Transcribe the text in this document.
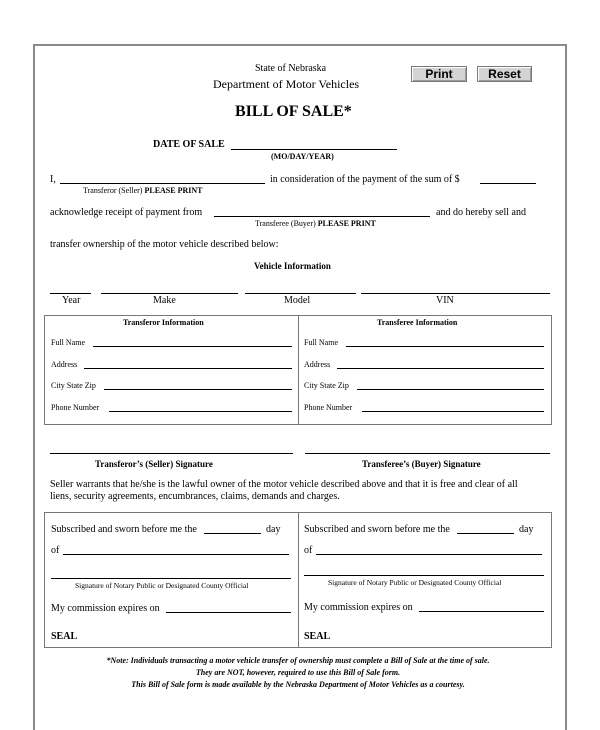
State of Nebraska
Department of Motor Vehicles
BILL OF SALE*
Print	Reset
DATE OF SALE
(MO/DAY/YEAR)
I,	in consideration of the payment of the sum of $
Transferor (Seller) PLEASE PRINT
acknowledge receipt of payment from	and do hereby sell and
Transferee (Buyer) PLEASE PRINT
transfer ownership of the motor vehicle described below:
Vehicle Information
Year	Make	Model	VIN
Transferor Information
Full Name
Address
City State Zip
Phone Number
Transferee Information
Full Name
Address
City State Zip
Phone Number
Transferor’s (Seller) Signature	Transferee’s (Buyer) Signature
Seller warrants that he/she is the lawful owner of the motor vehicle described above and that it is free and clear of all
liens, security agreements, encumbrances, claims, demands and charges.
Subscribed and sworn before me the	day
of
Signature of Notary Public or Designated County Official
My commission expires on
SEAL
Subscribed and sworn before me the	day
of
Signature of Notary Public or Designated County Official
My commission expires on
SEAL
*Note: Individuals transacting a motor vehicle transfer of ownership must complete a Bill of Sale at the time of sale.
They are NOT, however, required to use this Bill of Sale form.
This Bill of Sale form is made available by the Nebraska Department of Motor Vehicles as a courtesy.
